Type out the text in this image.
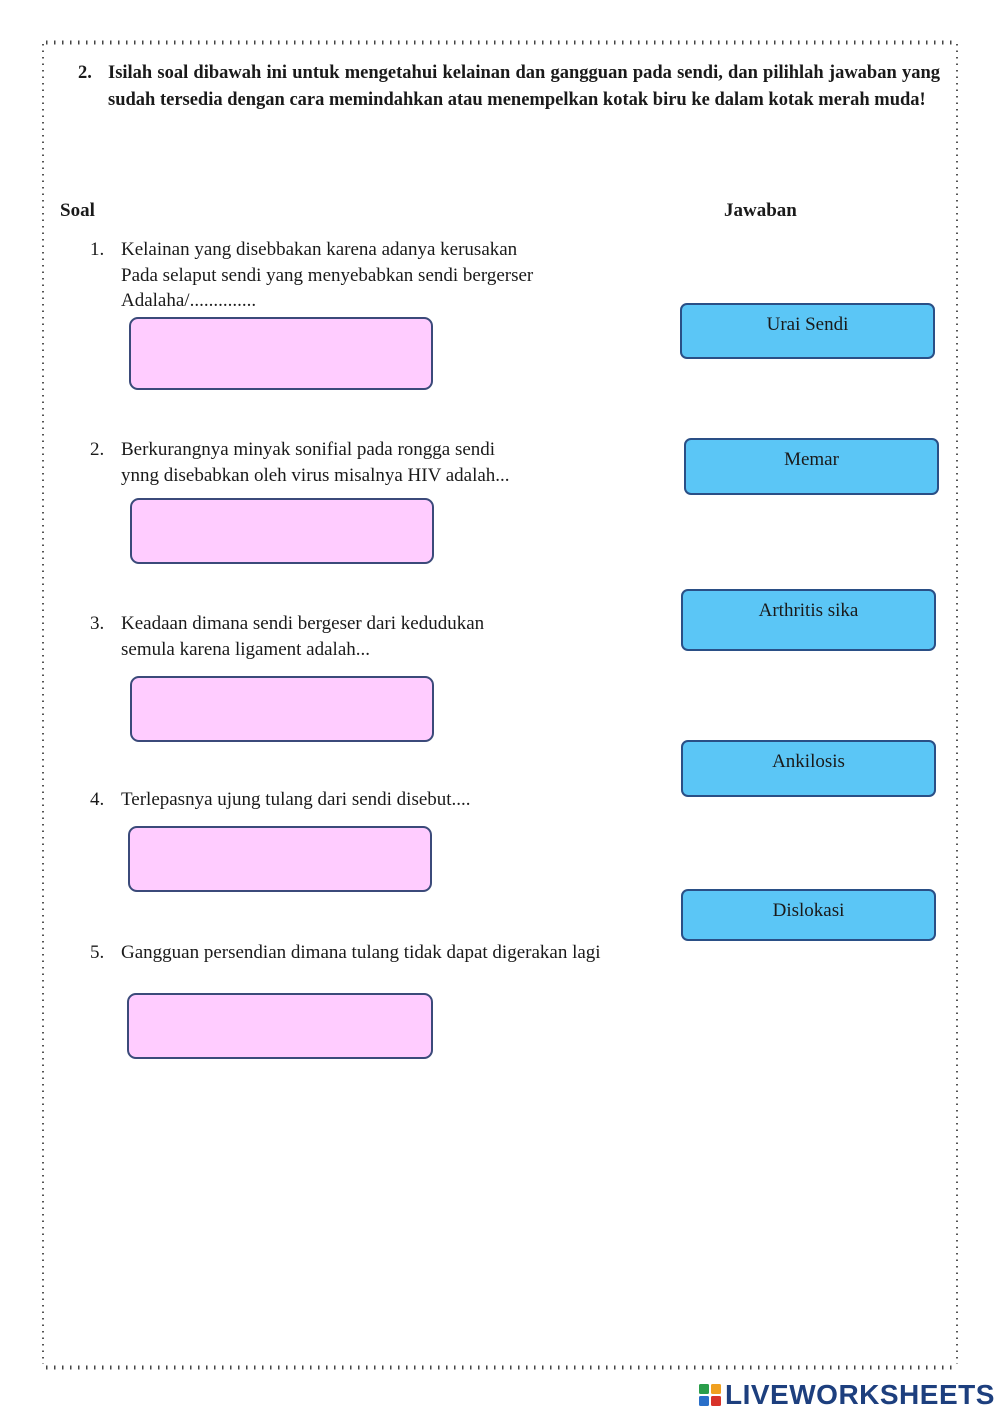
2. Isilah soal dibawah ini untuk mengetahui kelainan dan gangguan pada sendi, dan pilihlah jawaban yang sudah tersedia dengan cara memindahkan atau menempelkan kotak biru ke dalam kotak merah muda!
Soal	Jawaban
1. Kelainan yang disebbakan karena adanya kerusakan
Pada selaput sendi yang menyebabkan sendi bergerser
Adalaha/..............
2. Berkurangnya minyak sonifial pada rongga sendi
ynng disebabkan oleh virus misalnya HIV adalah...
3. Keadaan dimana sendi bergeser dari kedudukan
semula karena ligament adalah...
4. Terlepasnya ujung tulang dari sendi disebut....
5. Gangguan persendian dimana tulang tidak dapat digerakan lagi
Urai Sendi
Memar
Arthritis sika
Ankilosis
Dislokasi
LIVEWORKSHEETS
